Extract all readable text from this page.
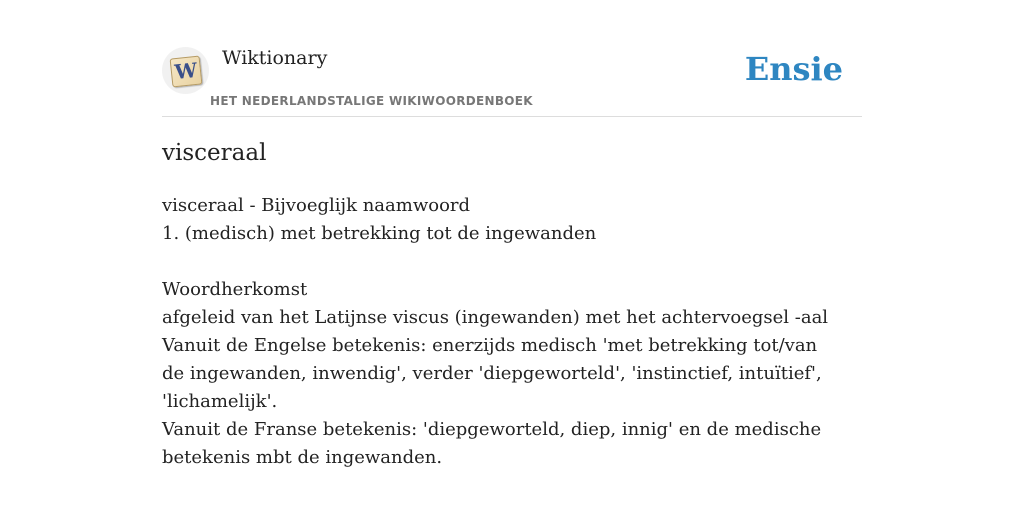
W Wiktionary
HET NEDERLANDSTALIGE WIKIWOORDENBOEK
Ensie
visceraal

visceraal - Bijvoeglijk naamwoord

1. (medisch) met betrekking tot de ingewanden

Woordherkomst

afgeleid van het Latijnse viscus (ingewanden) met het achtervoegsel -aal

Vanuit de Engelse betekenis: enerzijds medisch 'met betrekking tot/van de ingewanden, inwendig', verder 'diepgeworteld', 'instinctief, intuïtief', 'lichamelijk'.

Vanuit de Franse betekenis: 'diepgeworteld, diep, innig' en de medische betekenis mbt de ingewanden.
